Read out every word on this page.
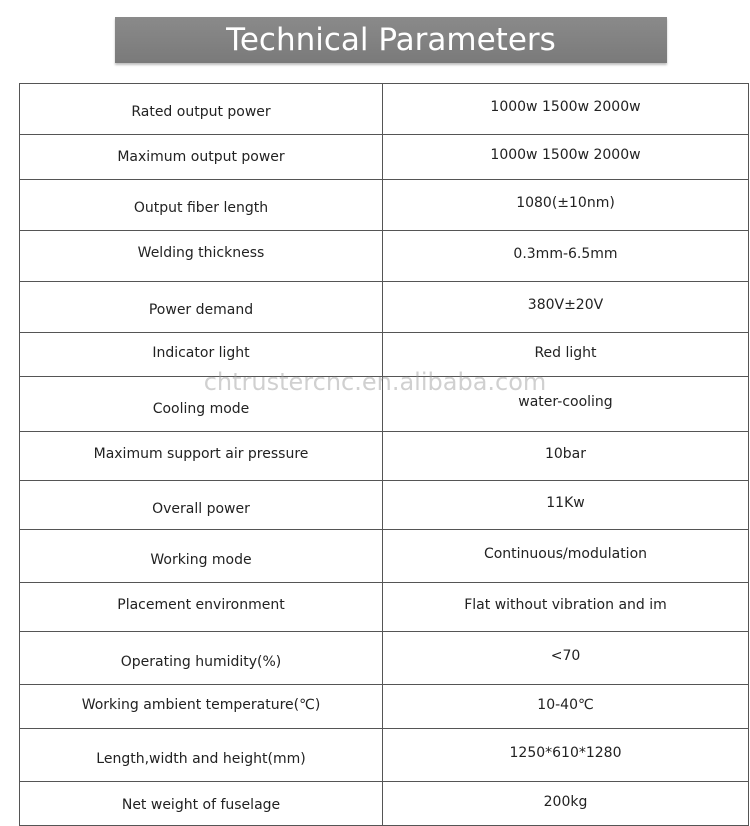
Technical Parameters
Rated output power	1000w 1500w 2000w
Maximum output power	1000w 1500w 2000w
Output fiber length	1080(±10nm)
Welding thickness	0.3mm-6.5mm
Power demand	380V±20V
Indicator light	Red light
Cooling mode	water-cooling
Maximum support air pressure	10bar
Overall power	11Kw
Working mode	Continuous/modulation
Placement environment	Flat without vibration and im
Operating humidity(%)	<70
Working ambient temperature(℃)	10-40℃
Length,width and height(mm)	1250*610*1280
Net weight of fuselage	200kg
chtrustercnc.en.alibaba.com
